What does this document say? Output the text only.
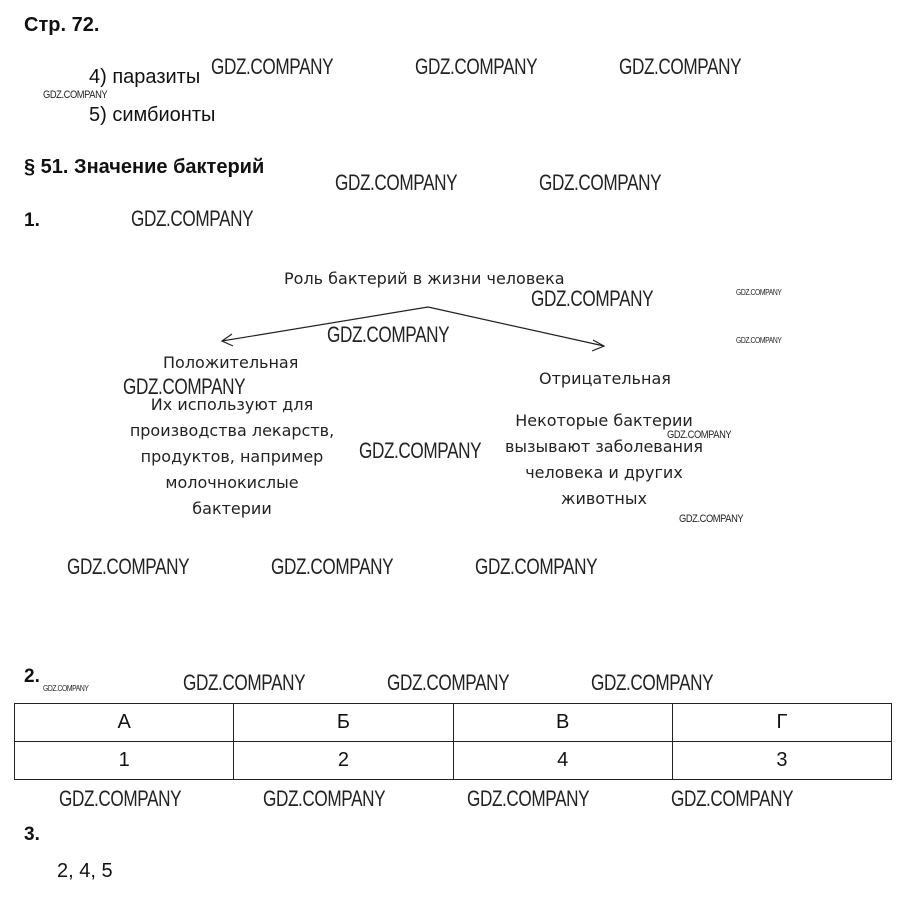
Стр. 72.
4) паразиты
5) симбионты
§ 51. Значение бактерий
1.
Роль бактерий в жизни человека
Положительная
Их используют для
производства лекарств,
продуктов, например
молочнокислые
бактерии
Отрицательная
Некоторые бактерии
вызывают заболевания
человека и других
животных
2.
А	Б	В	Г
1	2	4	3
3.
2, 4, 5
GDZ.COMPANY	GDZ.COMPANY	GDZ.COMPANY
GDZ.COMPANY
GDZ.COMPANY	GDZ.COMPANY
GDZ.COMPANY
GDZ.COMPANY	GDZ.COMPANY
GDZ.COMPANY	GDZ.COMPANY
GDZ.COMPANY
GDZ.COMPANY
GDZ.COMPANY
GDZ.COMPANY
GDZ.COMPANY	GDZ.COMPANY	GDZ.COMPANY
GDZ.COMPANY	GDZ.COMPANY	GDZ.COMPANY	GDZ.COMPANY
GDZ.COMPANY	GDZ.COMPANY	GDZ.COMPANY	GDZ.COMPANY
